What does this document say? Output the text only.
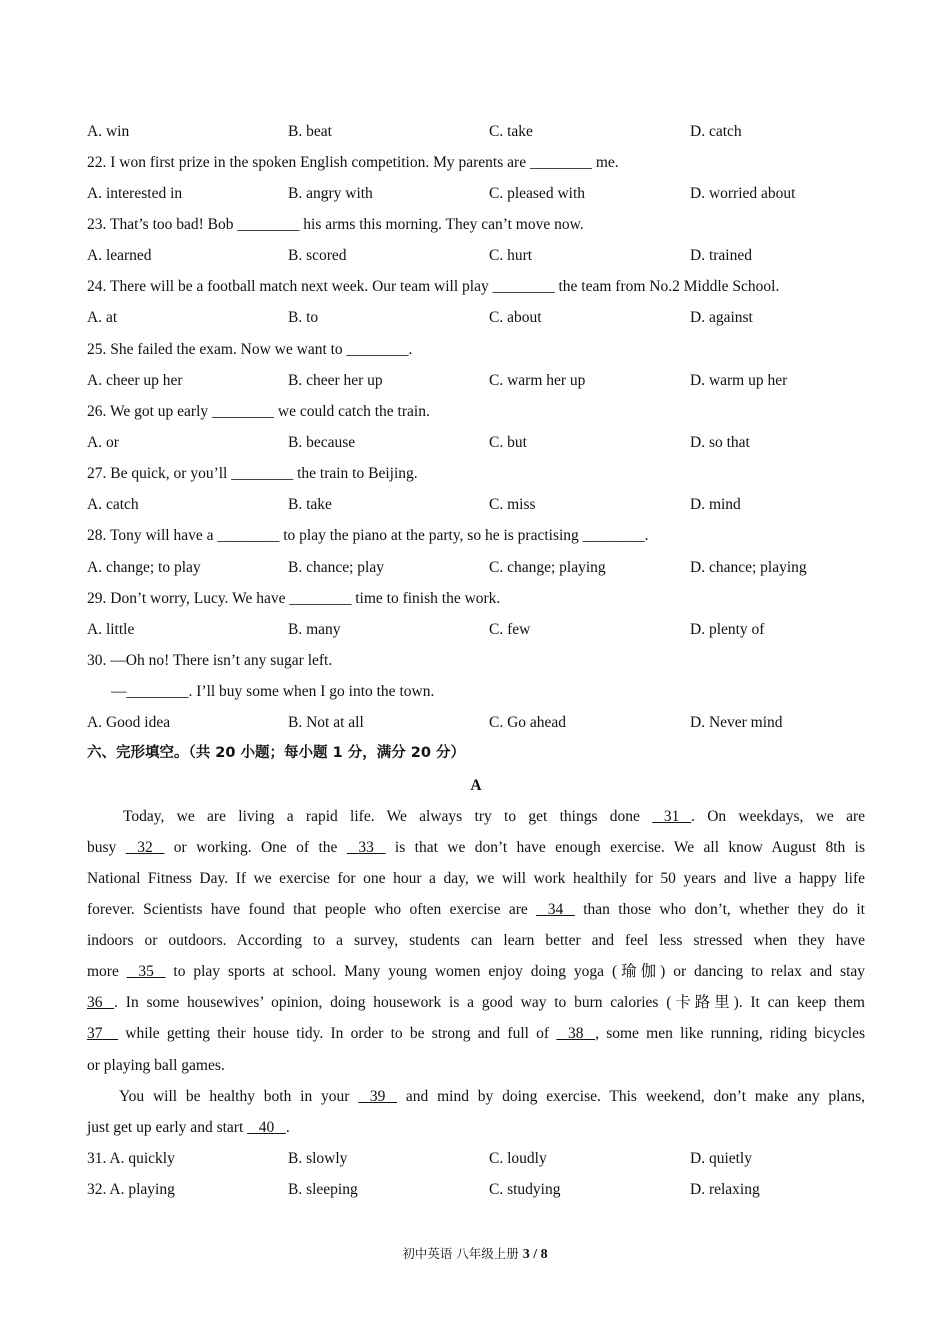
A. win	B. beat	C. take	D. catch
22. I won first prize in the spoken English competition. My parents are ________ me.
A. interested in	B. angry with	C. pleased with	D. worried about
23. That’s too bad! Bob ________ his arms this morning. They can’t move now.
A. learned	B. scored	C. hurt	D. trained
24. There will be a football match next week. Our team will play ________ the team from No.2 Middle School.
A. at	B. to	C. about	D. against
25. She failed the exam. Now we want to ________.
A. cheer up her	B. cheer her up	C. warm her up	D. warm up her
26. We got up early ________ we could catch the train.
A. or	B. because	C. but	D. so that
27. Be quick, or you’ll ________ the train to Beijing.
A. catch	B. take	C. miss	D. mind
28. Tony will have a ________ to play the piano at the party, so he is practising ________.
A. change; to play	B. chance; play	C. change; playing	D. chance; playing
29. Don’t worry, Lucy. We have ________ time to finish the work.
A. little	B. many	C. few	D. plenty of
30. —Oh no! There isn’t any sugar left.
—________. I’ll buy some when I go into the town.
A. Good idea	B. Not at all	C. Go ahead	D. Never mind
六、完形填空。（共 20 小题；每小题 1 分，满分 20 分）
A
Today, we are living a rapid life. We always try to get things done 31 . On weekdays, we are
busy 32 or working. One of the 33 is that we don’t have enough exercise. We all know August 8th is
National Fitness Day. If we exercise for one hour a day, we will work healthily for 50 years and live a happy life
forever. Scientists have found that people who often exercise are 34 than those who don’t, whether they do it
indoors or outdoors. According to a survey, students can learn better and feel less stressed when they have
more 35 to play sports at school. Many young women enjoy doing yoga (瑜伽) or dancing to relax and stay
36 . In some housewives’ opinion, doing housework is a good way to burn calories (卡路里). It can keep them
37 while getting their house tidy. In order to be strong and full of 38 , some men like running, riding bicycles
or playing ball games.
You will be healthy both in your 39 and mind by doing exercise. This weekend, don’t make any plans,
just get up early and start 40 .
31. A. quickly	B. slowly	C. loudly	D. quietly
32. A. playing	B. sleeping	C. studying	D. relaxing
初中英语 八年级上册 3 / 8
